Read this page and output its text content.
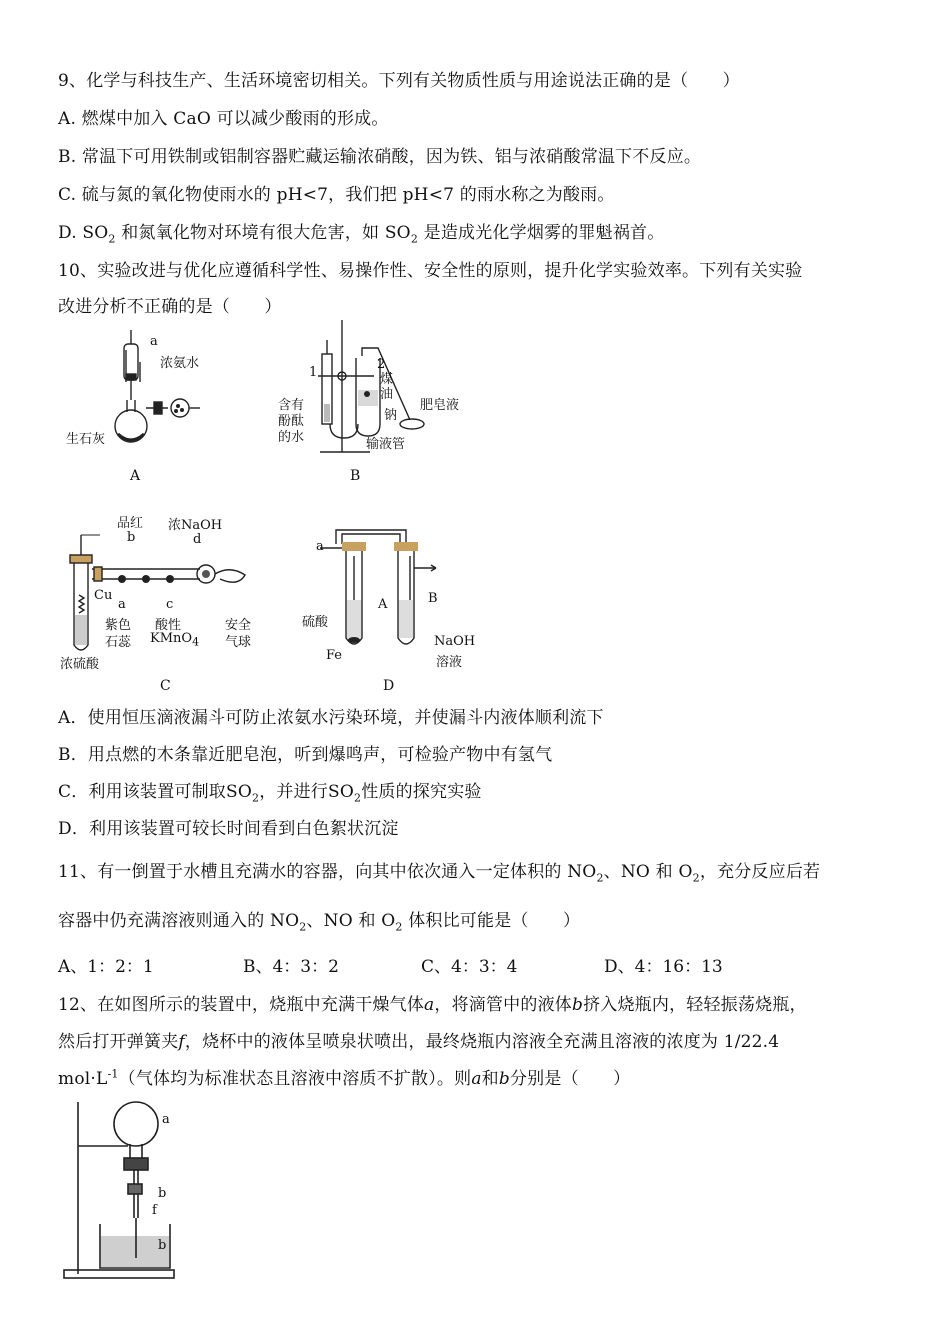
9、化学与科技生产、生活环境密切相关。下列有关物质性质与用途说法正确的是（　　）
A. 燃煤中加入 CaO 可以减少酸雨的形成。
B. 常温下可用铁制或铝制容器贮藏运输浓硝酸，因为铁、铝与浓硝酸常温下不反应。
C. 硫与氮的氧化物使雨水的 pH<7，我们把 pH<7 的雨水称之为酸雨。
D. $SO_2$ 和氮氧化物对环境有很大危害，如 $SO_2$ 是造成光化学烟雾的罪魁祸首。
10、实验改进与优化应遵循科学性、易操作性、安全性的原则，提升化学实验效率。下列有关实验
改进分析不正确的是（　　）
a
浓氨水
生石灰
A
1
2
煤
油
钠
含有
酚酞
的水
肥皂液
输液管
B
品红
b
浓NaOH
d
Cu
a	c
紫色
石蕊
酸性
KMnO$_4$
安全
气球
浓硫酸
C
a
A	B
硫酸
Fe
NaOH
溶液
D
A．使用恒压滴液漏斗可防止浓氨水污染环境，并使漏斗内液体顺利流下
B．用点燃的木条靠近肥皂泡，听到爆鸣声，可检验产物中有氢气
C．利用该装置可制取$SO_2$，并进行$SO_2$性质的探究实验
D．利用该装置可较长时间看到白色絮状沉淀
11、有一倒置于水槽且充满水的容器，向其中依次通入一定体积的 $NO_2$、NO 和 $O_2$，充分反应后若
容器中仍充满溶液则通入的 $NO_2$、NO 和 $O_2$ 体积比可能是（　　）
A、1：2：1	B、4：3：2	C、4：3：4	D、4：16：13
12、在如图所示的装置中，烧瓶中充满干燥气体a，将滴管中的液体b挤入烧瓶内，轻轻振荡烧瓶，
然后打开弹簧夹f，烧杯中的液体呈喷泉状喷出，最终烧瓶内溶液全充满且溶液的浓度为 1/22.4
$mol\cdot L^{-1}$（气体均为标准状态且溶液中溶质不扩散）。则a和b分别是（　　）
a
b
f
b
